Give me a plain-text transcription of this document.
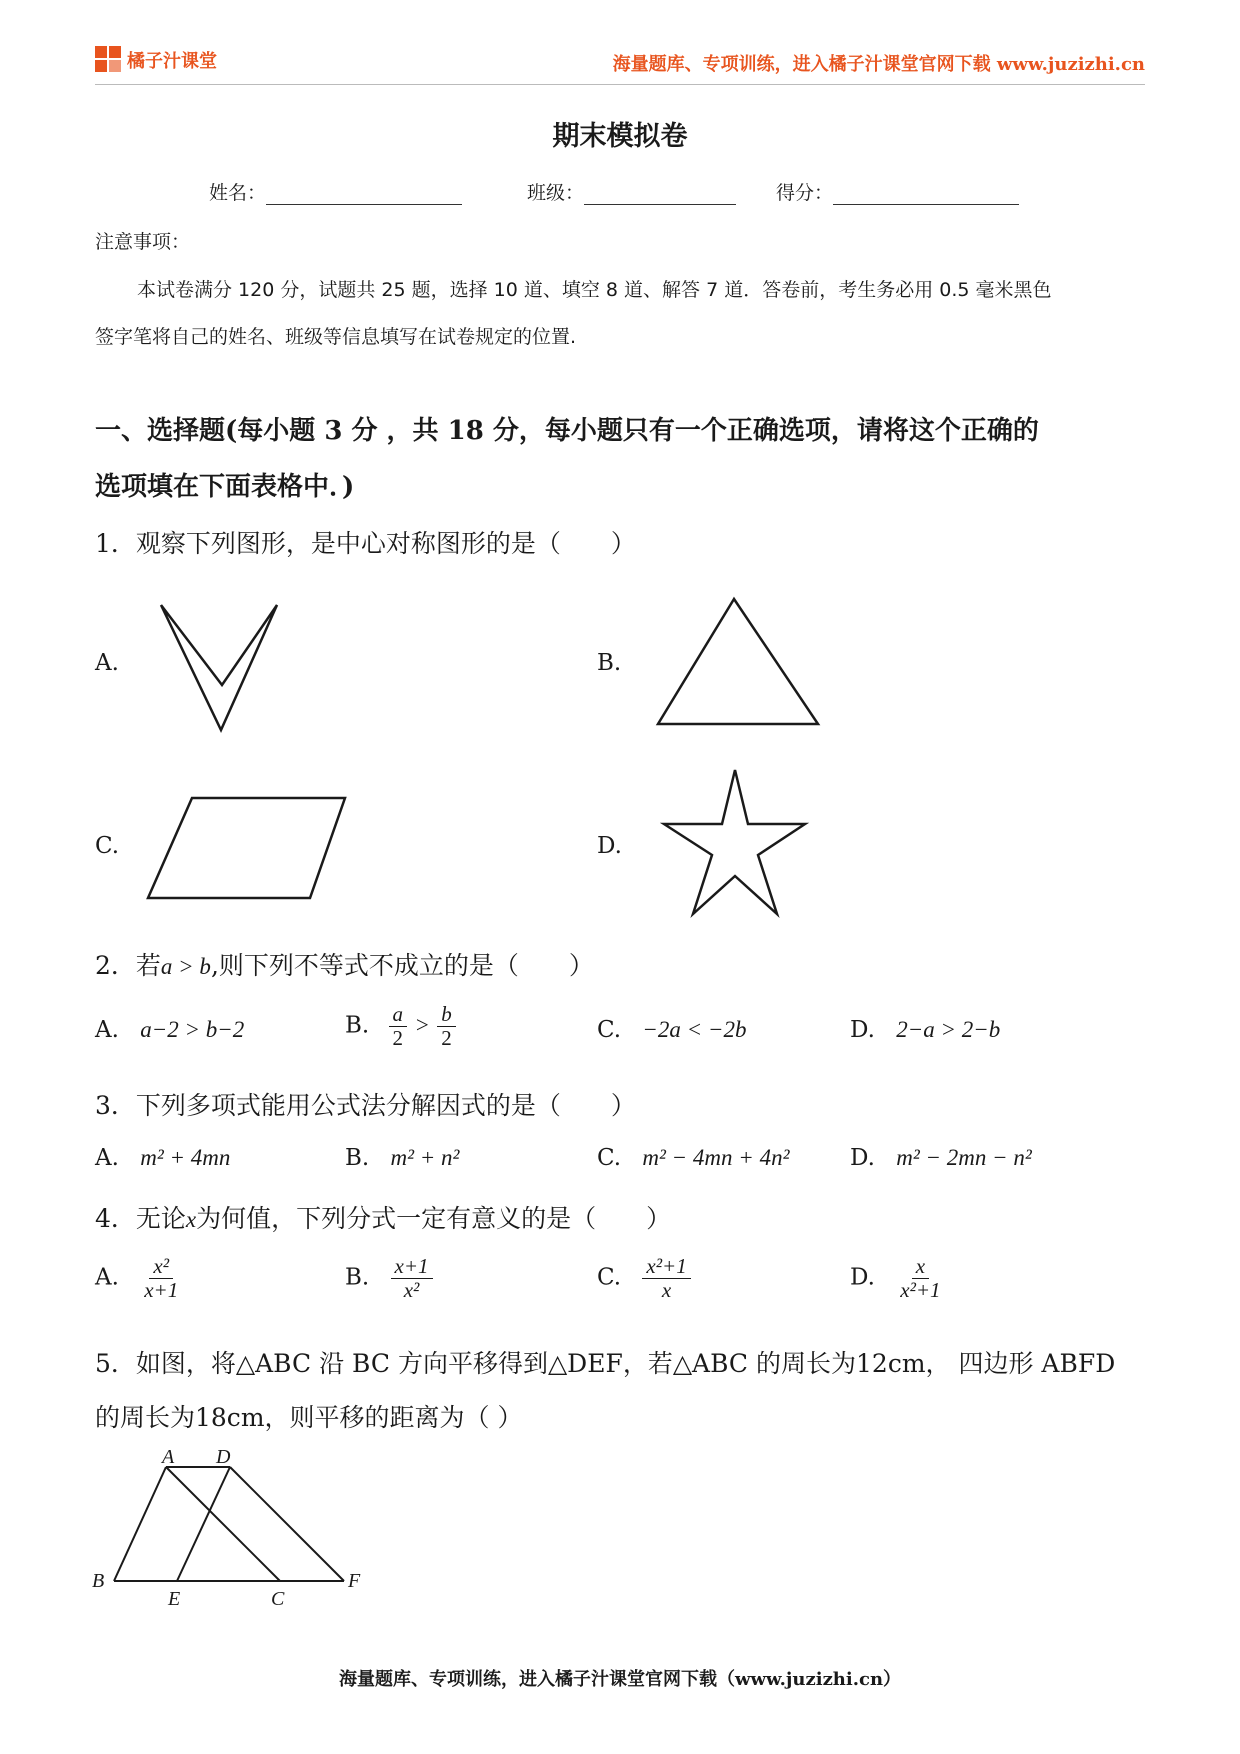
橘子汁课堂	海量题库、专项训练，进入橘子汁课堂官网下载 www.juzizhi.cn
期末模拟卷
姓名：	班级：	得分：
注意事项：
本试卷满分 120 分，试题共 25 题，选择 10 道、填空 8 道、解答 7 道．答卷前，考生务必用 0.5 毫米黑色
签字笔将自己的姓名、班级等信息填写在试卷规定的位置.
一、选择题(每小题 3 分 ，共 18 分，每小题只有一个正确选项，请将这个正确的
选项填在下面表格中．)
1．观察下列图形，是中心对称图形的是（　　）
A.	B.
C.	D.
2．若a > b,则下列不等式不成立的是（　　）
A. a−2 > b−2	B. $\frac{a}{2} > \frac{b}{2}$	C. −2a < −2b	D. 2−a > 2−b
3．下列多项式能用公式法分解因式的是（　　）
A. m² + 4mn	B. m² + n²	C. m² − 4mn + 4n²	D. m² − 2mn − n²
4．无论x为何值，下列分式一定有意义的是（　　）
A. $\frac{\text{x²}}{x+1}$	B. $\frac{x+1}{\text{x²}}$	C. $\frac{\text{x²+1}}{x}$	D. $\frac{x}{\text{x²+1}}$
5．如图，将△ABC 沿 BC 方向平移得到△DEF，若△ABC 的周长为12cm， 四边形 ABFD
的周长为18cm，则平移的距离为（ ）
A D
B
E	C
F
海量题库、专项训练，进入橘子汁课堂官网下载（www.juzizhi.cn）
